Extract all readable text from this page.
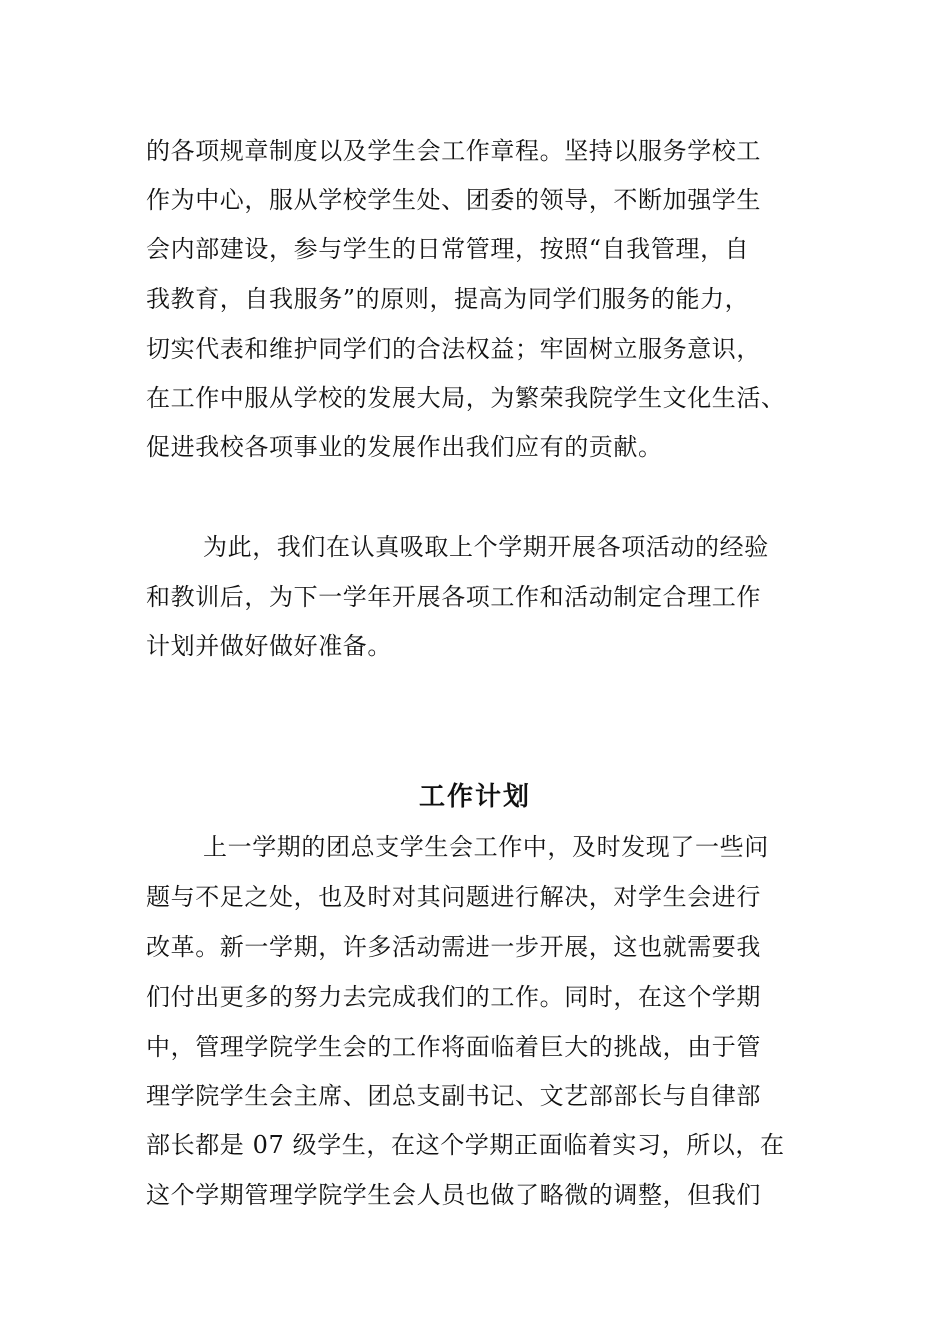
的各项规章制度以及学生会工作章程。坚持以服务学校工
作为中心，服从学校学生处、团委的领导，不断加强学生
会内部建设，参与学生的日常管理，按照“自我管理，自
我教育，自我服务”的原则，提高为同学们服务的能力，
切实代表和维护同学们的合法权益；牢固树立服务意识，
在工作中服从学校的发展大局，为繁荣我院学生文化生活、
促进我校各项事业的发展作出我们应有的贡献。
为此，我们在认真吸取上个学期开展各项活动的经验
和教训后，为下一学年开展各项工作和活动制定合理工作
计划并做好做好准备。
工作计划
上一学期的团总支学生会工作中，及时发现了一些问
题与不足之处，也及时对其问题进行解决，对学生会进行
改革。新一学期，许多活动需进一步开展，这也就需要我
们付出更多的努力去完成我们的工作。同时，在这个学期
中，管理学院学生会的工作将面临着巨大的挑战，由于管
理学院学生会主席、团总支副书记、文艺部部长与自律部
部长都是 07 级学生，在这个学期正面临着实习，所以，在
这个学期管理学院学生会人员也做了略微的调整，但我们
